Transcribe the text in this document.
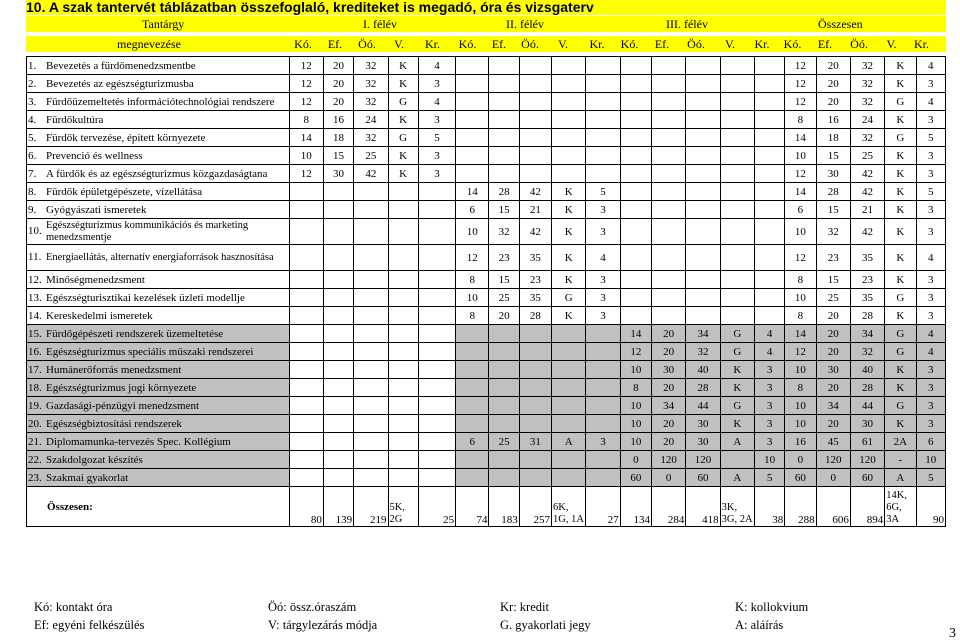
10. A szak tantervét táblázatban összefoglaló, krediteket is megadó, óra és vizsgaterv
Tantárgy	I. félév	II. félév	III. félév	Összesen
megnevezése	Kó. Ef. Öó.	V.	Kr. Kó. Ef. Öó.	V.	Kr. Kó. Ef. Öó.	V.	Kr. Kó. Ef. Öó.	V.	Kr.
1. Bevezetés a fürdőmenedzsmentbe	12	20	32	K	4											12	20	32	K	4
2. Bevezetés az egészségturizmusba	12	20	32	K	3											12	20	32	K	3
3. Fürdőüzemeltetés információtechnológiai rendszere	12	20	32	G	4											12	20	32	G	4
4. Fürdőkultúra	8	16	24	K	3											8	16	24	K	3
5. Fürdők tervezése, épített környezete	14	18	32	G	5											14	18	32	G	5
6. Prevenció és wellness	10	15	25	K	3											10	15	25	K	3
7. A fürdők és az egészségturizmus közgazdaságtana	12	30	42	K	3											12	30	42	K	3
8. Fürdők épületgépészete, vízellátása						14	28	42	K	5						14	28	42	K	5
9. Gyógyászati ismeretek						6	15	21	K	3						6	15	21	K	3
10.Egészségturizmus kommunikációs és marketing menedzsmentje						10	32	42	K	3						10	32	42	K	3
11. Energiaellátás, alternatív energiaforrások hasznosítása						12	23	35	K	4						12	23	35	K	4
12. Minőségmenedzsment						8	15	23	K	3						8	15	23	K	3
13. Egészségturisztikai kezelések üzleti modellje						10	25	35	G	3						10	25	35	G	3
14. Kereskedelmi ismeretek						8	20	28	K	3						8	20	28	K	3
15. Fürdőgépészeti rendszerek üzemeltetése											14	20	34	G	4	14	20	34	G	4
16. Egészségturizmus speciális műszaki rendszerei											12	20	32	G	4	12	20	32	G	4
17. Humánerőforrás menedzsment											10	30	40	K	3	10	30	40	K	3
18. Egészségturizmus jogi környezete											8	20	28	K	3	8	20	28	K	3
19. Gazdasági-pénzügyi menedzsment											10	34	44	G	3	10	34	44	G	3
20. Egészségbiztosítási rendszerek											10	20	30	K	3	10	20	30	K	3
21. Diplomamunka-tervezés Spec. Kollégium						6	25	31	A	3	10	20	30	A	3	16	45	61	2A	6
22. Szakdolgozat készítés											0	120	120		10	0	120	120	-	10
23. Szakmai gyakorlat											60	0	60	A	5	60	0	60	A	5
Összesen:	80	139	219	5K, 2G	25	74	183	257	6K, 1G, 1A	27	134	284	418	3K, 3G, 2A	38	288	606	894	14K, 6G, 3A	90
Kó: kontakt óra	Öó: össz.óraszám	Kr: kredit	K: kollokvium
Ef: egyéni felkészülés	V: tárgylezárás módja	G. gyakorlati jegy	A: aláírás
3
